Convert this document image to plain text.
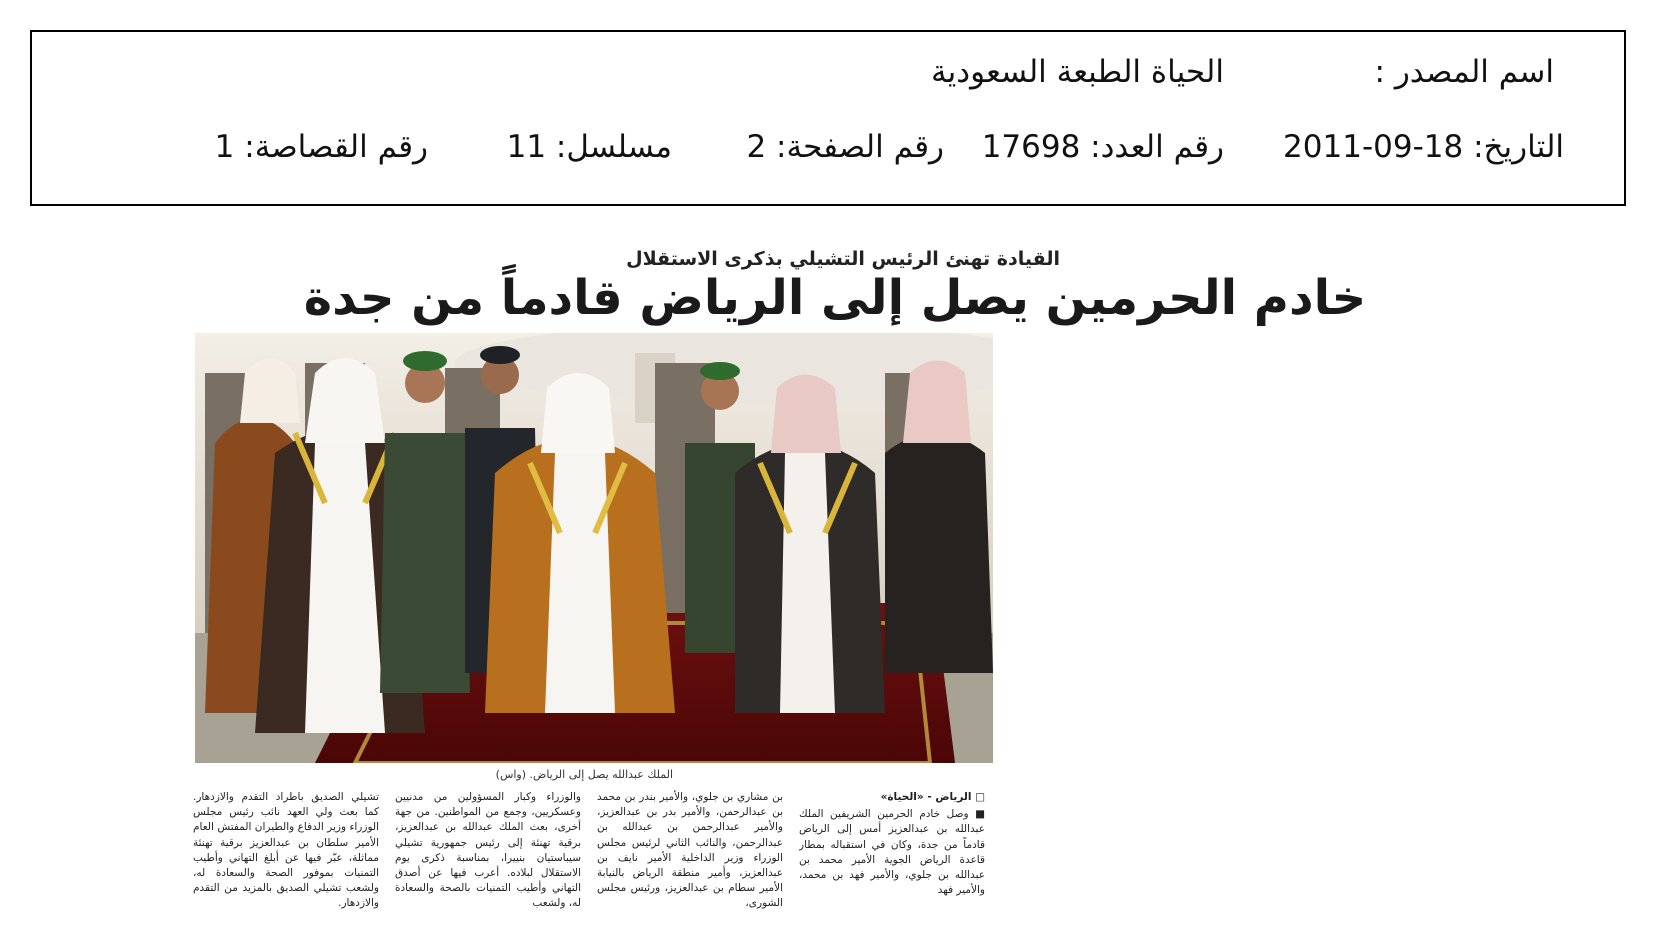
اسم المصدر :
الحياة الطبعة السعودية
التاريخ: 18-09-2011
رقم العدد: 17698
رقم الصفحة: 2
مسلسل: 11
رقم القصاصة: 1
القيادة تهنئ الرئيس التشيلي بذكرى الاستقلال
خادم الحرمين يصل إلى الرياض قادماً من جدة
الملك عبدالله يصل إلى الرياض. (واس)
□ الرياض - «الحياة»
■ وصل خادم الحرمين الشريفين الملك عبدالله بن عبدالعزيز أمس إلى الرياض قادماً من جدة، وكان في استقباله بمطار قاعدة الرياض الجوية الأمير محمد بن عبدالله بن جلوي، والأمير فهد بن محمد، والأمير فهد
بن مشاري بن جلوي، والأمير بندر بن محمد بن عبدالرحمن، والأمير بدر بن عبدالعزيز، والأمير عبدالرحمن بن عبدالله بن عبدالرحمن، والنائب الثاني لرئيس مجلس الوزراء وزير الداخلية الأمير نايف بن عبدالعزيز، وأمير منطقة الرياض بالنيابة الأمير سطام بن عبدالعزيز، ورئيس مجلس الشورى،
والوزراء وكبار المسؤولين من مدنيين وعسكريين، وجمع من المواطنين. من جهة أخرى، بعث الملك عبدالله بن عبدالعزيز، برقية تهنئة إلى رئيس جمهورية تشيلي سيباستيان بنييرا، بمناسبة ذكرى يوم الاستقلال لبلاده. أعرب فيها عن أصدق التهاني وأطيب التمنيات بالصحة والسعادة له، ولشعب
تشيلي الصديق باطراد التقدم والازدهار. كما بعث ولي العهد نائب رئيس مجلس الوزراء وزير الدفاع والطيران المفتش العام الأمير سلطان بن عبدالعزيز برقية تهنئة مماثلة، عبّر فيها عن أبلغ التهاني وأطيب التمنيات بموفور الصحة والسعادة له، ولشعب تشيلي الصديق بالمزيد من التقدم والازدهار.
